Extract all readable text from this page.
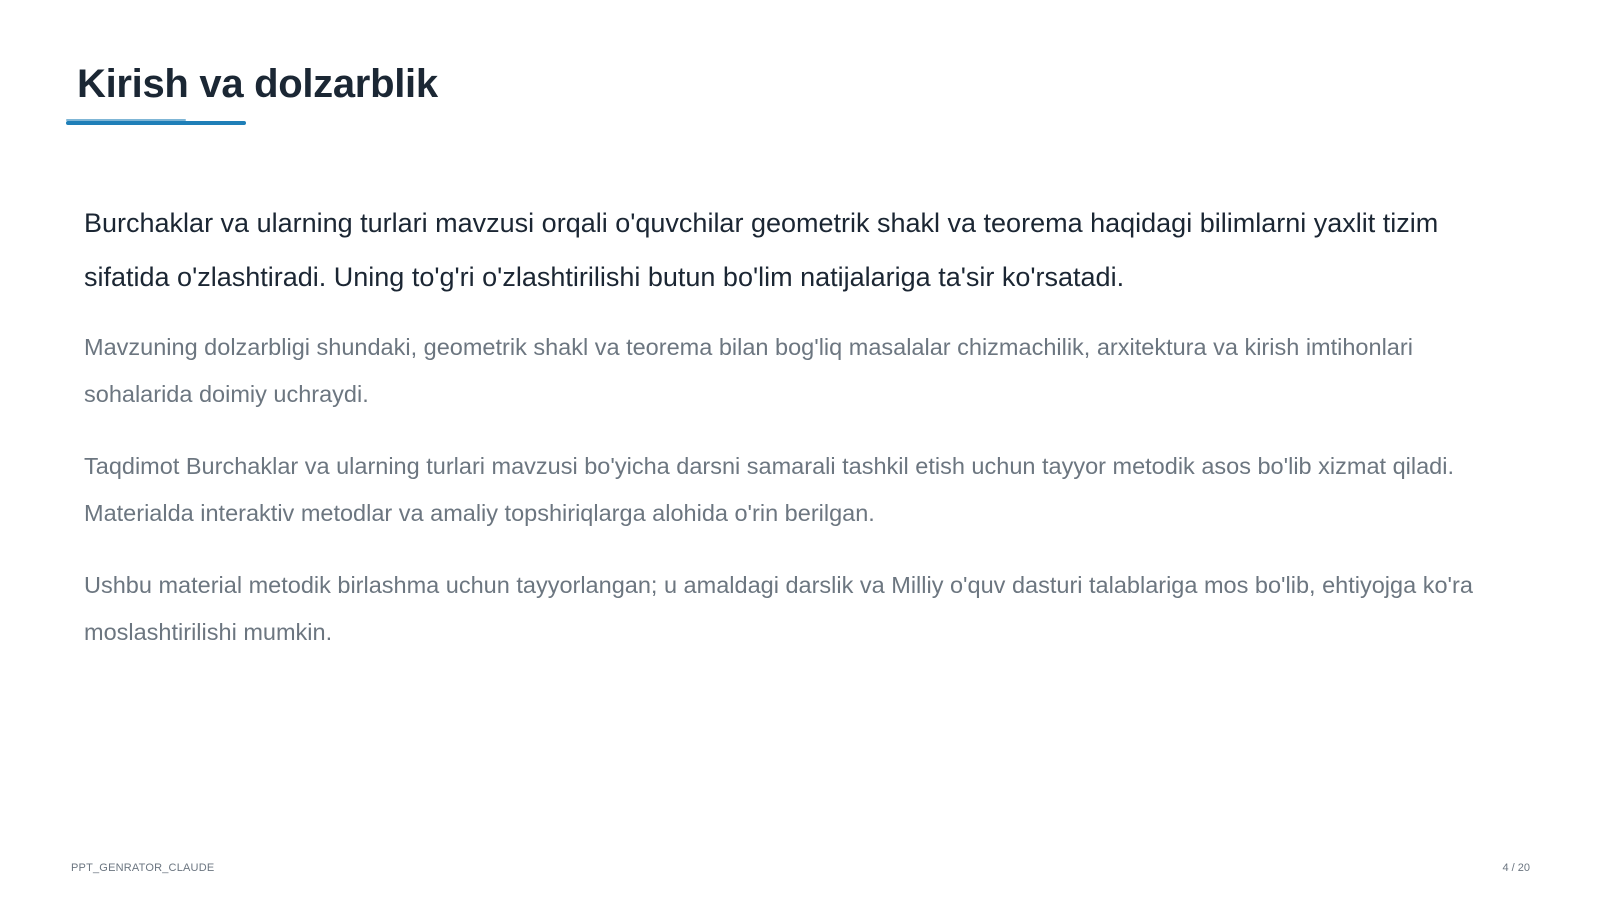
Kirish va dolzarblik

Burchaklar va ularning turlari mavzusi orqali o'quvchilar geometrik shakl va teorema haqidagi bilimlarni yaxlit tizim sifatida o'zlashtiradi. Uning to'g'ri o'zlashtirilishi butun bo'lim natijalariga ta'sir ko'rsatadi.

Mavzuning dolzarbligi shundaki, geometrik shakl va teorema bilan bog'liq masalalar chizmachilik, arxitektura va kirish imtihonlari sohalarida doimiy uchraydi.

Taqdimot Burchaklar va ularning turlari mavzusi bo'yicha darsni samarali tashkil etish uchun tayyor metodik asos bo'lib xizmat qiladi. Materialda interaktiv metodlar va amaliy topshiriqlarga alohida o'rin berilgan.

Ushbu material metodik birlashma uchun tayyorlangan; u amaldagi darslik va Milliy o'quv dasturi talablariga mos bo'lib, ehtiyojga ko'ra moslashtirilishi mumkin.

PPT_GENRATOR_CLAUDE	4 / 20
